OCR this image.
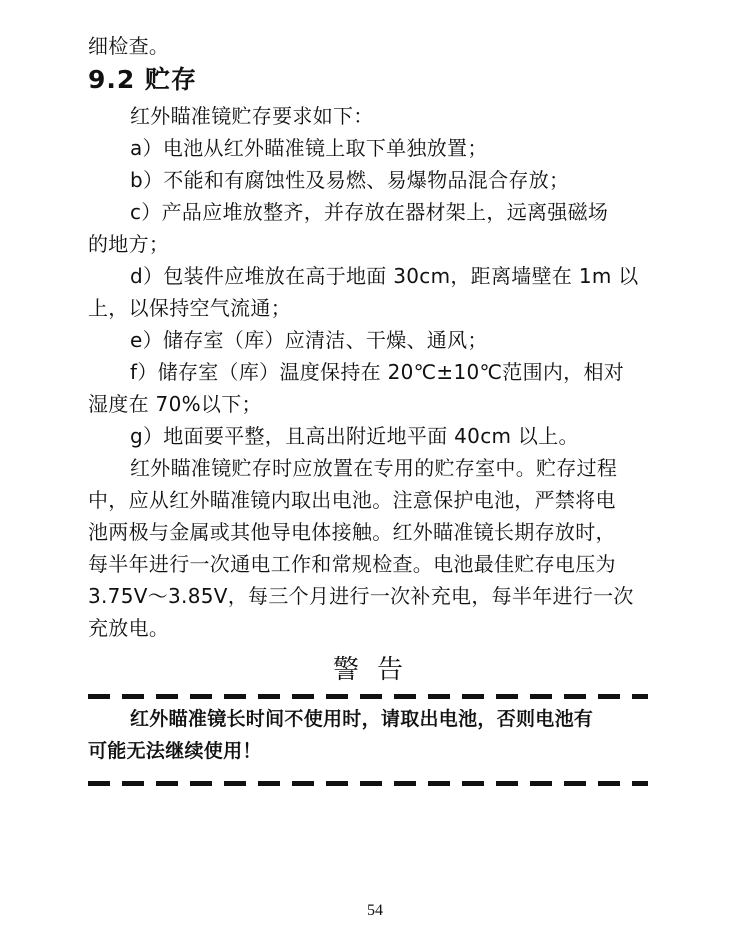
细检查。
9.2 贮存
红外瞄准镜贮存要求如下：
a）电池从红外瞄准镜上取下单独放置；
b）不能和有腐蚀性及易燃、易爆物品混合存放；
c）产品应堆放整齐，并存放在器材架上，远离强磁场
的地方；
d）包装件应堆放在高于地面 30cm，距离墙壁在 1m 以
上，以保持空气流通；
e）储存室（库）应清洁、干燥、通风；
f）储存室（库）温度保持在 20℃±10℃范围内，相对
湿度在 70%以下；
g）地面要平整，且高出附近地平面 40cm 以上。
红外瞄准镜贮存时应放置在专用的贮存室中。贮存过程
中，应从红外瞄准镜内取出电池。注意保护电池，严禁将电
池两极与金属或其他导电体接触。红外瞄准镜长期存放时，
每半年进行一次通电工作和常规检查。电池最佳贮存电压为
3.75V～3.85V，每三个月进行一次补充电，每半年进行一次
充放电。
警告
红外瞄准镜长时间不使用时，请取出电池，否则电池有
可能无法继续使用！
54
